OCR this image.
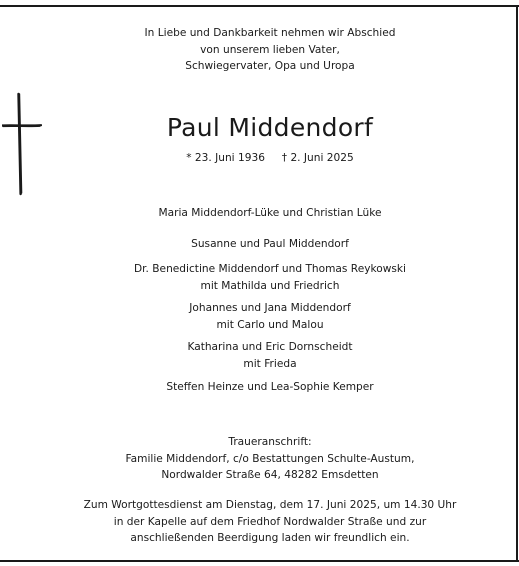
In Liebe und Dankbarkeit nehmen wir Abschied

von unserem lieben Vater,

Schwiegervater, Opa und Uropa

Paul Middendorf
* 23. Juni 1936 † 2. Juni 2025

Maria Middendorf-Lüke und Christian Lüke

Susanne und Paul Middendorf

Dr. Benedictine Middendorf und Thomas Reykowski

mit Mathilda und Friedrich

Johannes und Jana Middendorf

mit Carlo und Malou

Katharina und Eric Dornscheidt

mit Frieda

Steffen Heinze und Lea-Sophie Kemper

Traueranschrift:

Familie Middendorf, c/o Bestattungen Schulte-Austum,

Nordwalder Straße 64, 48282 Emsdetten

Zum Wortgottesdienst am Dienstag, dem 17. Juni 2025, um 14.30 Uhr

in der Kapelle auf dem Friedhof Nordwalder Straße und zur

anschließenden Beerdigung laden wir freundlich ein.
